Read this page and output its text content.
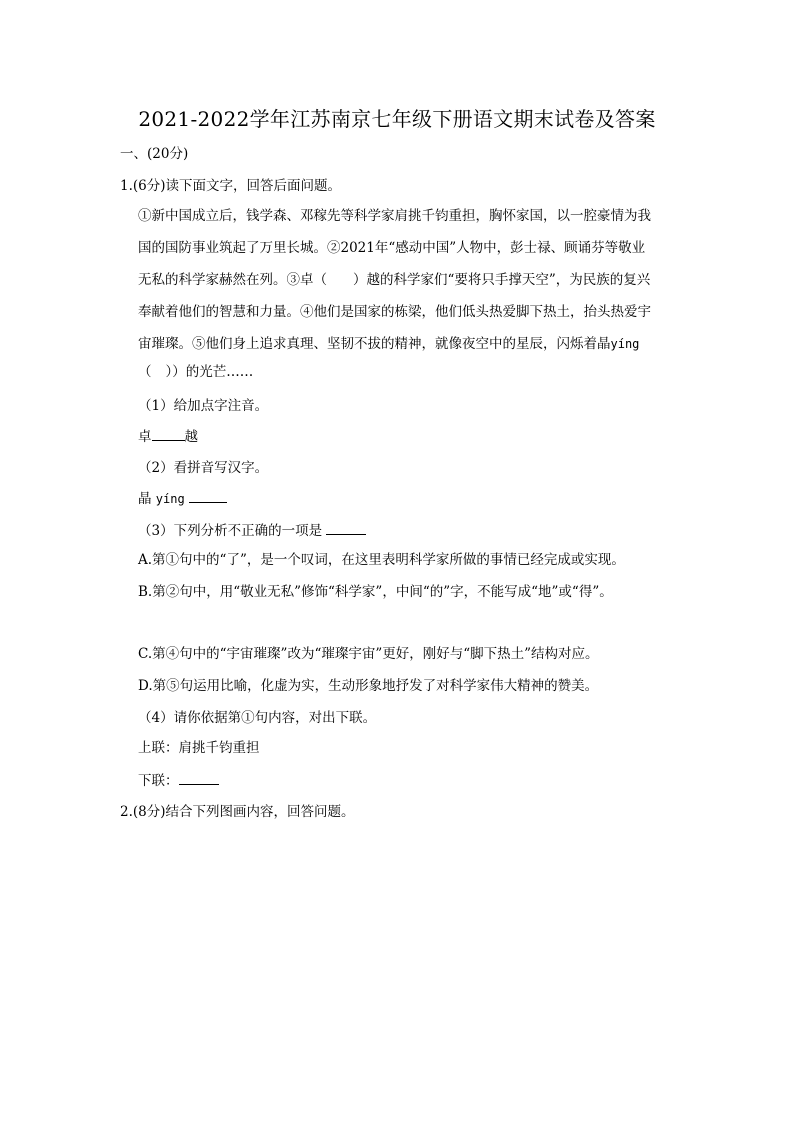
2021-2022学年江苏南京七年级下册语文期末试卷及答案
一、(20分)
1.(6分)读下面文字，回答后面问题。
①新中国成立后，钱学森、邓稼先等科学家肩挑千钧重担，胸怀家国，以一腔豪情为我
国的国防事业筑起了万里长城。②2021年“感动中国”人物中，彭士禄、顾诵芬等敬业
无私的科学家赫然在列。③卓（ ）越的科学家们“要将只手撑天空”，为民族的复兴
奉献着他们的智慧和力量。④他们是国家的栋梁，他们低头热爱脚下热土，抬头热爱宇
宙璀璨。⑤他们身上追求真理、坚韧不拔的精神，就像夜空中的星辰，闪烁着晶yíng
（ ））的光芒……
（1）给加点字注音。
卓 越
（2）看拼音写汉字。
晶 yíng
（3）下列分析不正确的一项是
A.第①句中的“了”，是一个叹词，在这里表明科学家所做的事情已经完成或实现。
B.第②句中，用“敬业无私”修饰“科学家”，中间“的”字，不能写成“地”或“得”。
C.第④句中的“宇宙璀璨”改为“璀璨宇宙”更好，刚好与“脚下热土”结构对应。
D.第⑤句运用比喻，化虚为实，生动形象地抒发了对科学家伟大精神的赞美。
（4）请你依据第①句内容，对出下联。
上联：肩挑千钧重担
下联：
2.(8分)结合下列图画内容，回答问题。
